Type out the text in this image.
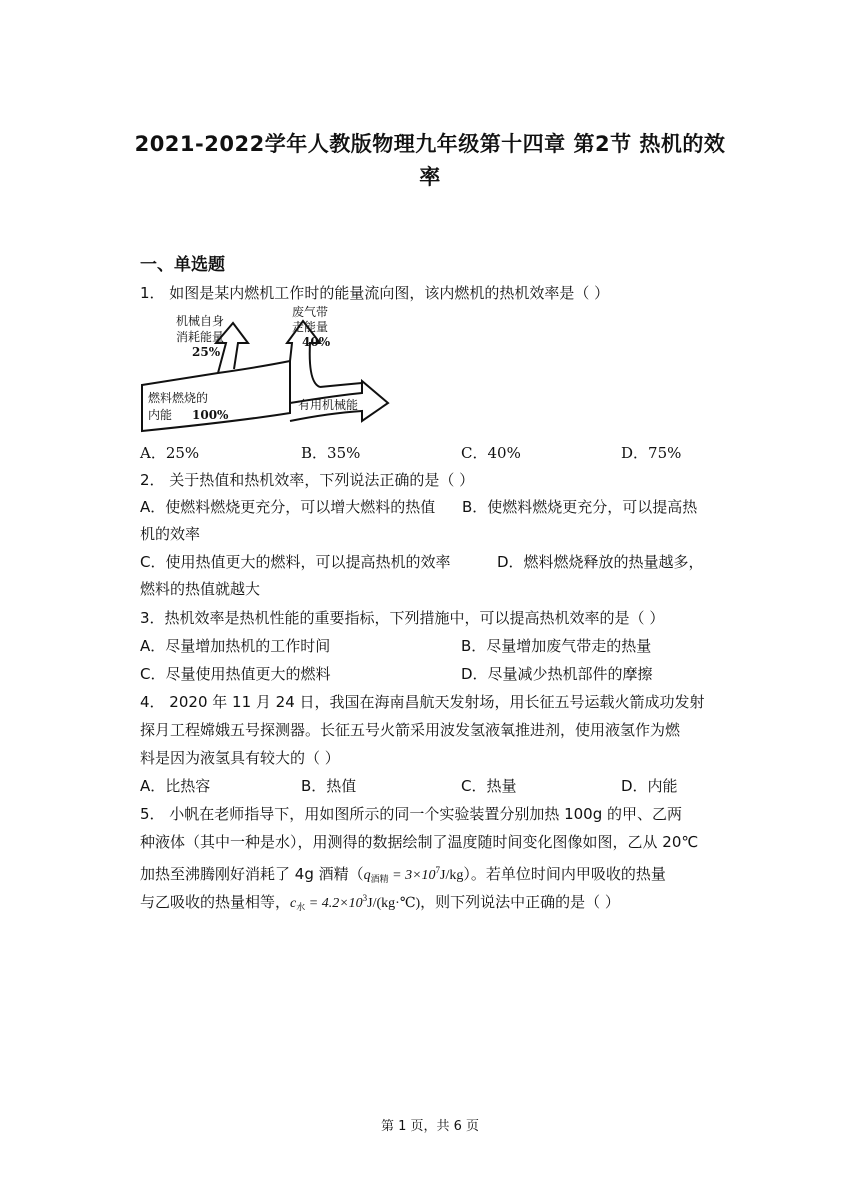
2021-2022学年人教版物理九年级第十四章 第2节 热机的效
率
一、单选题
1． 如图是某内燃机工作时的能量流向图，该内燃机的热机效率是（ ）
机械自身
消耗能量
25%
废气带
走能量
40%
燃料燃烧的
内能 100%
有用机械能
A．25%	B．35%	C．40%	D．75%
2． 关于热值和热机效率，下列说法正确的是（ ）
A．使燃料燃烧更充分，可以增大燃料的热值 B．使燃料燃烧更充分，可以提高热
机的效率
C．使用热值更大的燃料，可以提高热机的效率	D．燃料燃烧释放的热量越多，
燃料的热值就越大
3．热机效率是热机性能的重要指标，下列措施中，可以提高热机效率的是（ ）
A．尽量增加热机的工作时间	B．尽量增加废气带走的热量
C．尽量使用热值更大的燃料	D．尽量减少热机部件的摩擦
4． 2020 年 11 月 24 日，我国在海南昌航天发射场，用长征五号运载火箭成功发射
探月工程嫦娥五号探测器。长征五号火箭采用波发氢液氧推进剂，使用液氢作为燃
料是因为液氢具有较大的（ ）
A．比热容	B．热值	C．热量	D．内能
5． 小帆在老师指导下，用如图所示的同一个实验装置分别加热 100g 的甲、乙两
种液体（其中一种是水），用测得的数据绘制了温度随时间变化图像如图，乙从 20℃
加热至沸腾刚好消耗了 4g 酒精$(q_{酒精} = 3\times 10^7J/kg)$。若单位时间内甲吸收的热量
与乙吸收的热量相等，$c_水$ = $4.2\times 10^3J/(kg\cdot℃)$，则下列说法中正确的是（ ）
第 1 页，共 6 页
